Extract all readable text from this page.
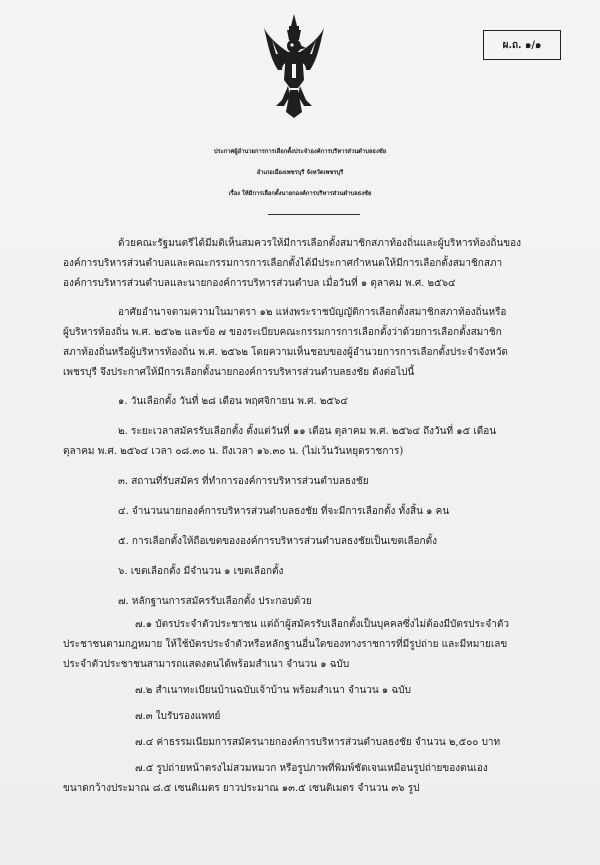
ผ.ถ. ๑/๑
ประกาศผู้อำนวยการการเลือกตั้งประจำองค์การบริหารส่วนตำบลธงชัย
อำเภอเมืองเพชรบุรี จังหวัดเพชรบุรี
เรื่อง ให้มีการเลือกตั้งนายกองค์การบริหารส่วนตำบลธงชัย
ด้วยคณะรัฐมนตรีได้มีมติเห็นสมควรให้มีการเลือกตั้งสมาชิกสภาท้องถิ่นและผู้บริหารท้องถิ่นของ
องค์การบริหารส่วนตำบลและคณะกรรมการการเลือกตั้งได้มีประกาศกำหนดให้มีการเลือกตั้งสมาชิกสภา
องค์การบริหารส่วนตำบลและนายกองค์การบริหารส่วนตำบล เมื่อวันที่ ๑ ตุลาคม พ.ศ. ๒๕๖๔
อาศัยอำนาจตามความในมาตรา ๑๒ แห่งพระราชบัญญัติการเลือกตั้งสมาชิกสภาท้องถิ่นหรือ
ผู้บริหารท้องถิ่น พ.ศ. ๒๕๖๒ และข้อ ๗ ของระเบียบคณะกรรมการการเลือกตั้งว่าด้วยการเลือกตั้งสมาชิก
สภาท้องถิ่นหรือผู้บริหารท้องถิ่น พ.ศ. ๒๕๖๒ โดยความเห็นชอบของผู้อำนวยการการเลือกตั้งประจำจังหวัด
เพชรบุรี จึงประกาศให้มีการเลือกตั้งนายกองค์การบริหารส่วนตำบลธงชัย ดังต่อไปนี้
๑. วันเลือกตั้ง วันที่ ๒๘ เดือน พฤศจิกายน พ.ศ. ๒๕๖๔
๒. ระยะเวลาสมัครรับเลือกตั้ง ตั้งแต่วันที่ ๑๑ เดือน ตุลาคม พ.ศ. ๒๕๖๔ ถึงวันที่ ๑๕ เดือน
ตุลาคม พ.ศ. ๒๕๖๔ เวลา ๐๘.๓๐ น. ถึงเวลา ๑๖.๓๐ น. (ไม่เว้นวันหยุดราชการ)
๓. สถานที่รับสมัคร ที่ทำการองค์การบริหารส่วนตำบลธงชัย
๔. จำนวนนายกองค์การบริหารส่วนตำบลธงชัย ที่จะมีการเลือกตั้ง ทั้งสิ้น ๑ คน
๕. การเลือกตั้งให้ถือเขตขององค์การบริหารส่วนตำบลธงชัยเป็นเขตเลือกตั้ง
๖. เขตเลือกตั้ง มีจำนวน ๑ เขตเลือกตั้ง
๗. หลักฐานการสมัครรับเลือกตั้ง ประกอบด้วย
๗.๑ บัตรประจำตัวประชาชน แต่ถ้าผู้สมัครรับเลือกตั้งเป็นบุคคลซึ่งไม่ต้องมีบัตรประจำตัว
ประชาชนตามกฎหมาย ให้ใช้บัตรประจำตัวหรือหลักฐานอื่นใดของทางราชการที่มีรูปถ่าย และมีหมายเลข
ประจำตัวประชาชนสามารถแสดงตนได้พร้อมสำเนา จำนวน ๑ ฉบับ
๗.๒ สำเนาทะเบียนบ้านฉบับเจ้าบ้าน พร้อมสำเนา จำนวน ๑ ฉบับ
๗.๓ ใบรับรองแพทย์
๗.๔ ค่าธรรมเนียมการสมัครนายกองค์การบริหารส่วนตำบลธงชัย จำนวน ๒,๕๐๐ บาท
๗.๕ รูปถ่ายหน้าตรงไม่สวมหมวก หรือรูปภาพที่พิมพ์ชัดเจนเหมือนรูปถ่ายของตนเอง
ขนาดกว้างประมาณ ๘.๕ เซนติเมตร ยาวประมาณ ๑๓.๕ เซนติเมตร จำนวน ๓๖ รูป
